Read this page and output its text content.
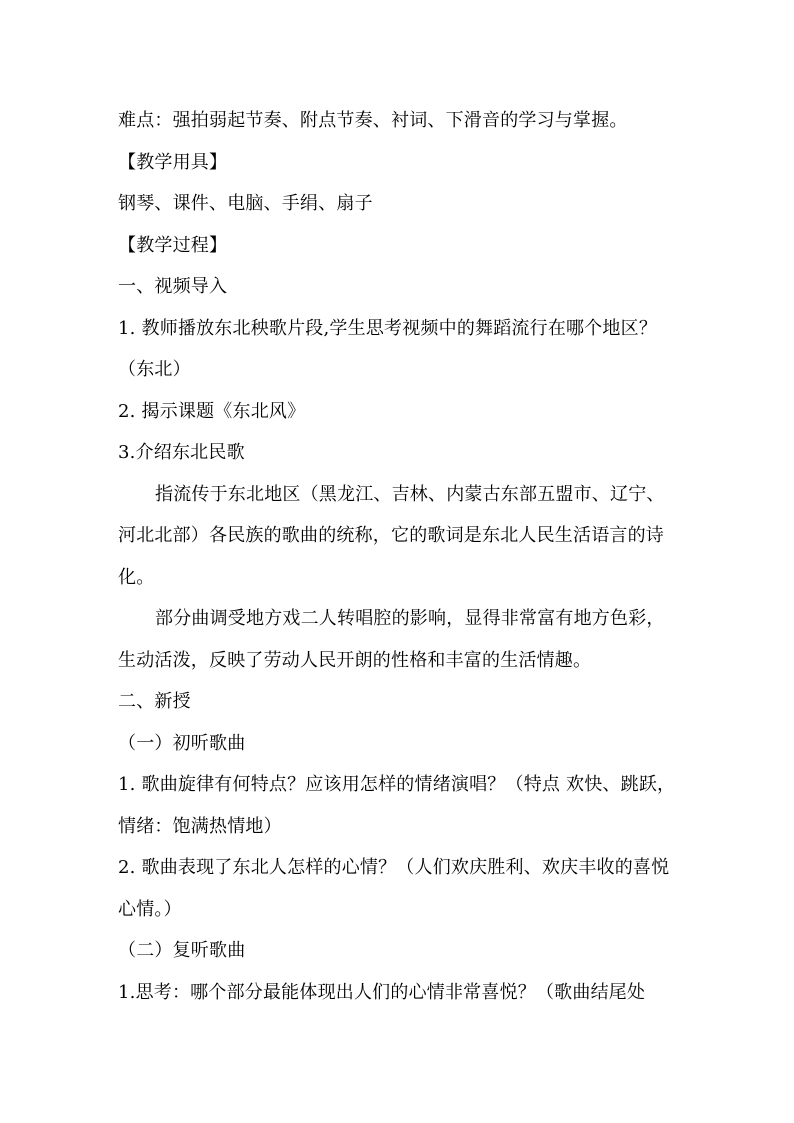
难点：强拍弱起节奏、附点节奏、衬词、下滑音的学习与掌握。
【教学用具】
钢琴、课件、电脑、手绢、扇子
【教学过程】
一、视频导入
1. 教师播放东北秧歌片段,学生思考视频中的舞蹈流行在哪个地区？
（东北）
2. 揭示课题《东北风》
3.介绍东北民歌
指流传于东北地区（黑龙江、吉林、内蒙古东部五盟市、辽宁、
河北北部）各民族的歌曲的统称，它的歌词是东北人民生活语言的诗
化。
部分曲调受地方戏二人转唱腔的影响，显得非常富有地方色彩，
生动活泼，反映了劳动人民开朗的性格和丰富的生活情趣。
二、新授
（一）初听歌曲
1. 歌曲旋律有何特点？应该用怎样的情绪演唱？（特点 欢快、跳跃，
情绪：饱满热情地）
2. 歌曲表现了东北人怎样的心情？（人们欢庆胜利、欢庆丰收的喜悦
心情。）
（二）复听歌曲
1.思考：哪个部分最能体现出人们的心情非常喜悦？（歌曲结尾处
